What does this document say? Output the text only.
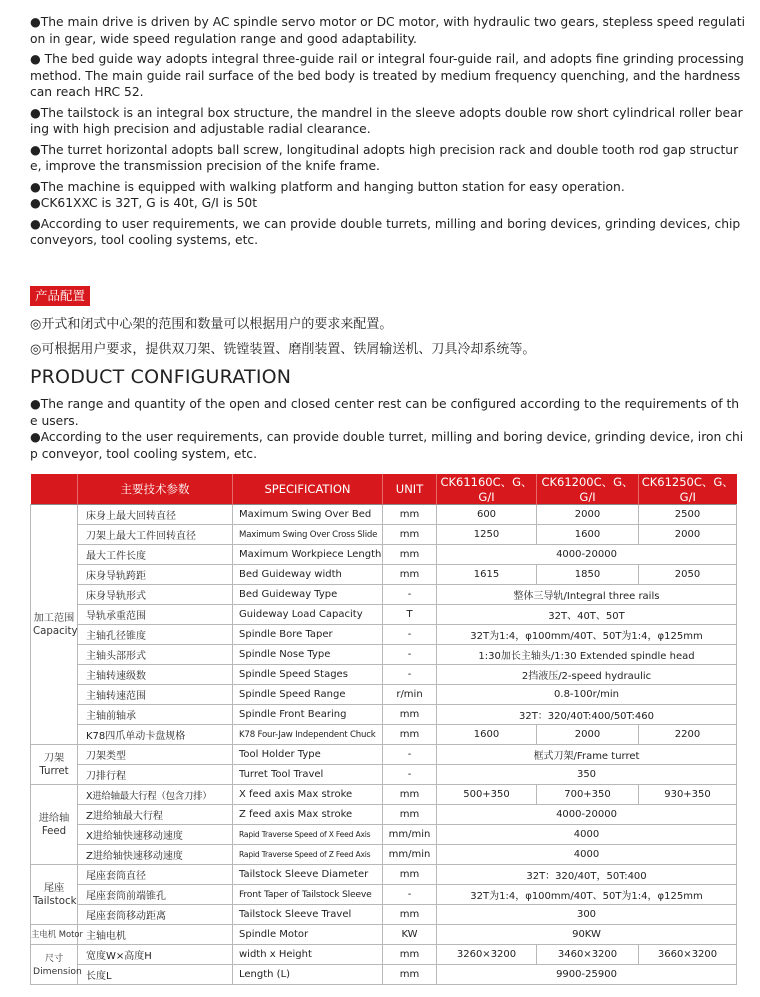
●The main drive is driven by AC spindle servo motor or DC motor, with hydraulic two gears, stepless speed regulation in gear, wide speed regulation range and good adaptability.

● The bed guide way adopts integral three-guide rail or integral four-guide rail, and adopts fine grinding processing method. The main guide rail surface of the bed body is treated by medium frequency quenching, and the hardness can reach HRC 52.

●The tailstock is an integral box structure, the mandrel in the sleeve adopts double row short cylindrical roller bearing with high precision and adjustable radial clearance.

●The turret horizontal adopts ball screw, longitudinal adopts high precision rack and double tooth rod gap structure, improve the transmission precision of the knife frame.

●The machine is equipped with walking platform and hanging button station for easy operation.

●CK61XXC is 32T, G is 40t, G/I is 50t

●According to user requirements, we can provide double turrets, milling and boring devices, grinding devices, chip conveyors, tool cooling systems, etc.

产品配置
◎开式和闭式中心架的范围和数量可以根据用户的要求来配置。
◎可根据用户要求，提供双刀架、铣镗装置、磨削装置、铁屑输送机、刀具冷却系统等。
PRODUCT CONFIGURATION

●The range and quantity of the open and closed center rest can be configured according to the requirements of the users.

●According to the user requirements, can provide double turret, milling and boring device, grinding device, iron chip conveyor, tool cooling system, etc.

	主要技术参数	SPECIFICATION	UNIT	CK61160C、G、G/I	CK61200C、G、G/I	CK61250C、G、G/I
加工范围
Capacity	床身上最大回转直径	Maximum Swing Over Bed	mm	600	2000	2500
	刀架上最大工件回转直径	Maximum Swing Over Cross Slide	mm	1250	1600	2000
	最大工件长度	Maximum Workpiece Length	mm	4000-20000		
	床身导轨跨距	Bed Guideway width	mm	1615	1850	2050
	床身导轨形式	Bed Guideway Type	-	整体三导轨/Integral three rails		
	导轨承重范围	Guideway Load Capacity	T	32T、40T、50T		
	主轴孔径锥度	Spindle Bore Taper	-	32T为1:4，φ100mm/40T、50T为1:4，φ125mm		
	主轴头部形式	Spindle Nose Type	-	1:30加长主轴头/1:30 Extended spindle head		
	主轴转速级数	Spindle Speed Stages	-	2挡液压/2-speed hydraulic		
	主轴转速范围	Spindle Speed Range	r/min	0.8-100r/min		
	主轴前轴承	Spindle Front Bearing	mm	32T：320/40T:400/50T:460		
	K78四爪单动卡盘规格	K78 Four-Jaw Independent Chuck	mm	1600	2000	2200
刀架
Turret	刀架类型	Tool Holder Type	-	框式刀架/Frame turret		
	刀排行程	Turret Tool Travel	-	350		
进给轴
Feed	X进给轴最大行程（包含刀排）	X feed axis Max stroke	mm	500+350	700+350	930+350
	Z进给轴最大行程	Z feed axis Max stroke	mm	4000-20000		
	X进给轴快速移动速度	Rapid Traverse Speed of X Feed Axis	mm/min	4000		
	Z进给轴快速移动速度	Rapid Traverse Speed of Z Feed Axis	mm/min	4000		
尾座
Tailstock	尾座套筒直径	Tailstock Sleeve Diameter	mm	32T：320/40T，50T:400		
	尾座套筒前端锥孔	Front Taper of Tailstock Sleeve	-	32T为1:4，φ100mm/40T、50T为1:4，φ125mm		
	尾座套筒移动距离	Tailstock Sleeve Travel	mm	300		
主电机 Motor	主轴电机	Spindle Motor	KW	90KW		
尺寸
Dimension	宽度W×高度H	width x Height	mm	3260×3200	3460×3200	3660×3200
	长度L	Length (L)	mm	9900-25900		
